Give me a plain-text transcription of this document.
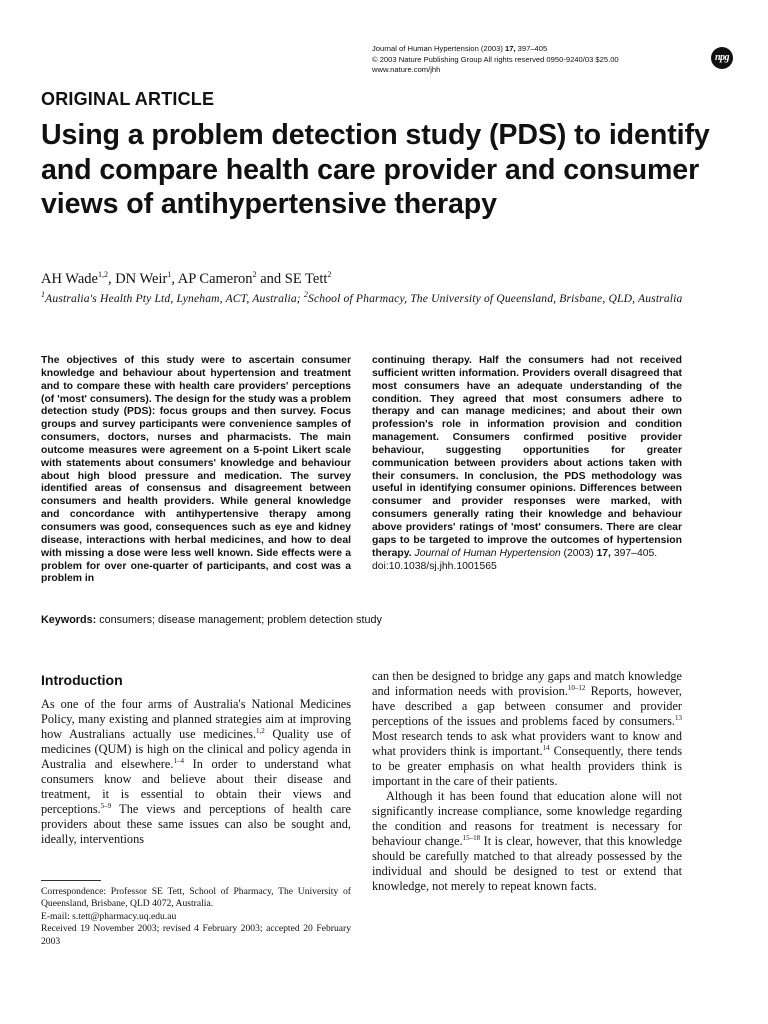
Journal of Human Hypertension (2003) 17, 397–405
© 2003 Nature Publishing Group All rights reserved 0950-9240/03 $25.00
www.nature.com/jhh
npg
ORIGINAL ARTICLE
Using a problem detection study (PDS) to identify and compare health care provider and consumer views of antihypertensive therapy
AH Wade$^{1,2}$, DN Weir$^1$, AP Cameron$^2$ and SE Tett$^2$
$^1$Australia's Health Pty Ltd, Lyneham, ACT, Australia; $^2$School of Pharmacy, The University of Queensland, Brisbane, QLD, Australia
The objectives of this study were to ascertain consumer knowledge and behaviour about hypertension and treatment and to compare these with health care providers' perceptions (of 'most' consumers). The design for the study was a problem detection study (PDS): focus groups and then survey. Focus groups and survey participants were convenience samples of consumers, doctors, nurses and pharmacists. The main outcome measures were agreement on a 5-point Likert scale with statements about consumers' knowledge and behaviour about high blood pressure and medication. The survey identified areas of consensus and disagreement between consumers and health providers. While general knowledge and concordance with antihypertensive therapy among consumers was good, consequences such as eye and kidney disease, interactions with herbal medicines, and how to deal with missing a dose were less well known. Side effects were a problem for over one-quarter of participants, and cost was a problem in
continuing therapy. Half the consumers had not received sufficient written information. Providers overall disagreed that most consumers have an adequate understanding of the condition. They agreed that most consumers adhere to therapy and can manage medicines; and about their own profession's role in information provision and condition management. Consumers confirmed positive provider behaviour, suggesting opportunities for greater communication between providers about actions taken with their consumers. In conclusion, the PDS methodology was useful in identifying consumer opinions. Differences between consumer and provider responses were marked, with consumers generally rating their knowledge and behaviour above providers' ratings of 'most' consumers. There are clear gaps to be targeted to improve the outcomes of hypertension therapy. Journal of Human Hypertension (2003) 17, 397–405.
doi:10.1038/sj.jhh.1001565
Keywords: consumers; disease management; problem detection study
Introduction

As one of the four arms of Australia's National Medicines Policy, many existing and planned strategies aim at improving how Australians actually use medicines.$^{1,2}$ Quality use of medicines (QUM) is high on the clinical and policy agenda in Australia and elsewhere.$^{1-4}$ In order to understand what consumers know and believe about their disease and treatment, it is essential to obtain their views and perceptions.$^{5-9}$ The views and perceptions of health care providers about these same issues can also be sought and, ideally, interventions

can then be designed to bridge any gaps and match knowledge and information needs with provision.$^{10-12}$ Reports, however, have described a gap between consumer and provider perceptions of the issues and problems faced by consumers.$^{13}$ Most research tends to ask what providers want to know and what providers think is important.$^{14}$ Consequently, there tends to be greater emphasis on what health providers think is important in the care of their patients.

Although it has been found that education alone will not significantly increase compliance, some knowledge regarding the condition and reasons for treatment is necessary for behaviour change.$^{15-18}$ It is clear, however, that this knowledge should be carefully matched to that already possessed by the individual and should be designed to test or extend that knowledge, not merely to repeat known facts.

Correspondence: Professor SE Tett, School of Pharmacy, The University of Queensland, Brisbane, QLD 4072, Australia.
E-mail: s.tett@pharmacy.uq.edu.au
Received 19 November 2003; revised 4 February 2003; accepted 20 February 2003
